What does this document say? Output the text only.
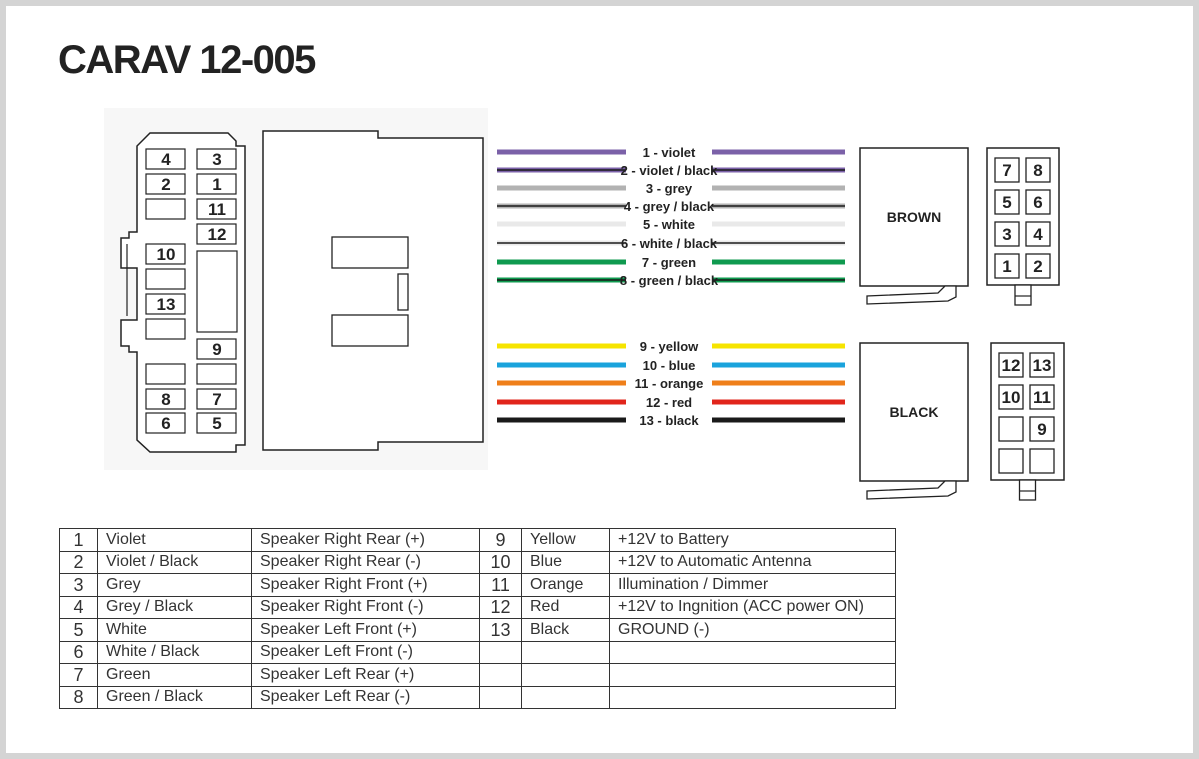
CARAV 12-005
4 3
2 1
11
12
10
13
9
8 7
6 5
1 - violet
2 - violet / black
3 - grey
4 - grey / black
5 - white
6 - white / black
7 - green
8 - green / black
9 - yellow
10 - blue
11 - orange
12 - red
13 - black
BROWN
7 8
5 6
3 4
1 2
BLACK
12 13
10 11
9
1	Violet	Speaker Right Rear (+)	9	Yellow	+12V to Battery
2	Violet / Black	Speaker Right Rear (-)	10	Blue	+12V to Automatic Antenna
3	Grey	Speaker Right Front (+)	11	Orange	Illumination / Dimmer
4	Grey / Black	Speaker Right Front (-)	12	Red	+12V to Ingnition (ACC power ON)
5	White	Speaker Left Front (+)	13	Black	GROUND (-)
6	White / Black	Speaker Left Front (-)			
7	Green	Speaker Left Rear (+)			
8	Green / Black	Speaker Left Rear (-)			
